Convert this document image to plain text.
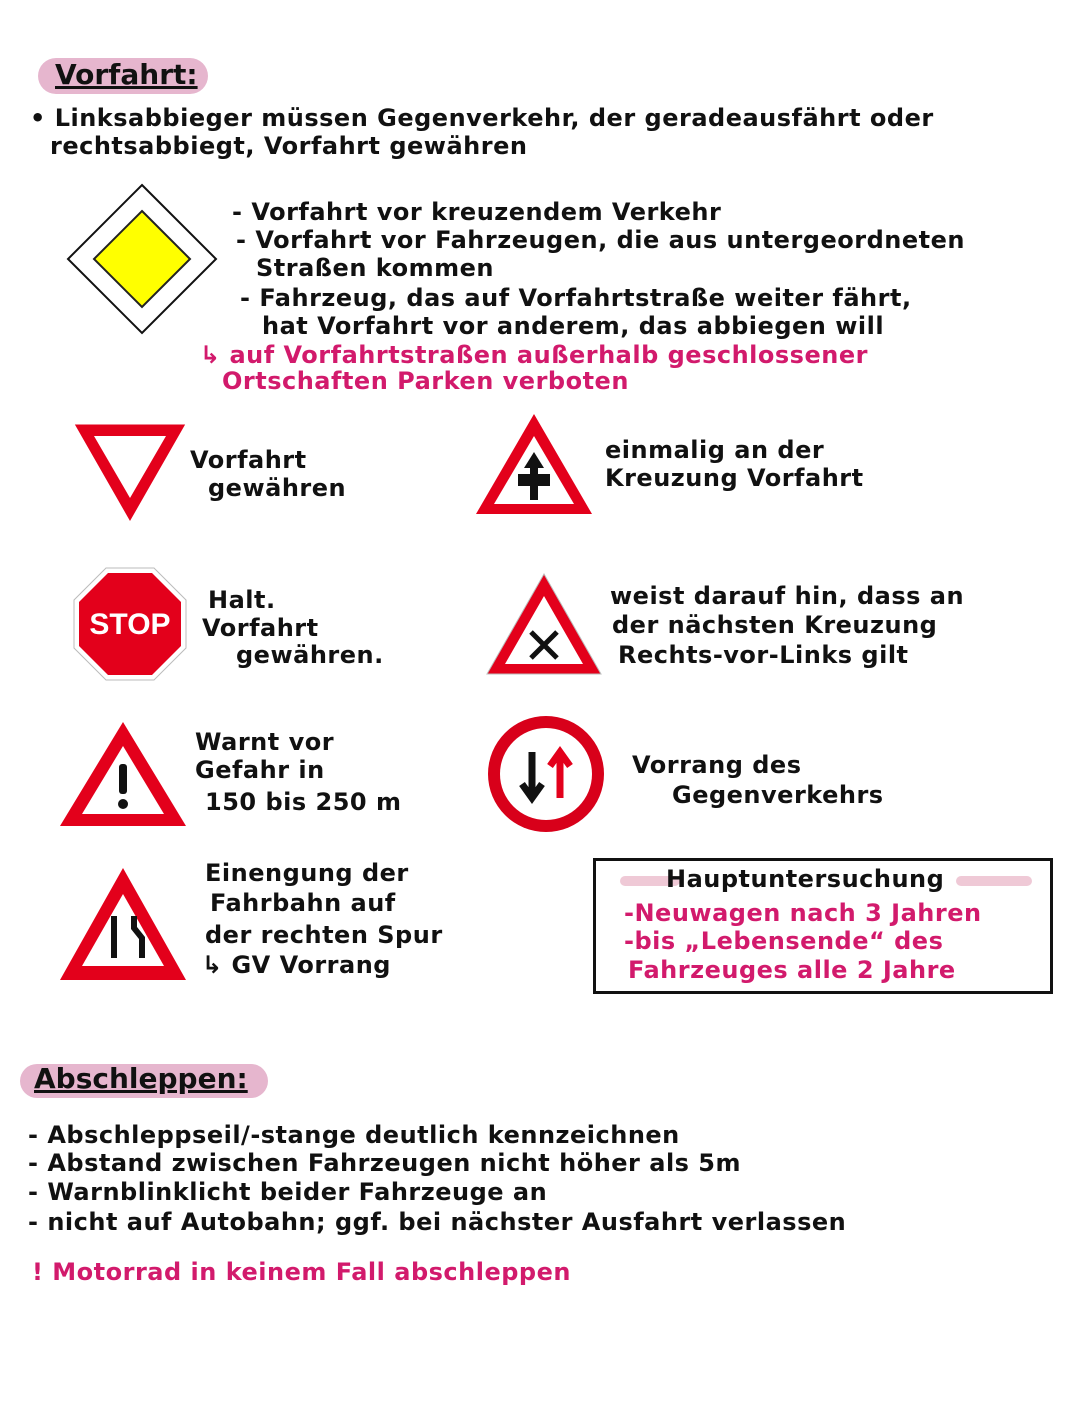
Vorfahrt:
• Linksabbieger müssen Gegenverkehr, der geradeausfährt oder
rechtsabbiegt, Vorfahrt gewähren
- Vorfahrt vor kreuzendem Verkehr
- Vorfahrt vor Fahrzeugen, die aus untergeordneten
Straßen kommen
- Fahrzeug, das auf Vorfahrtstraße weiter fährt,
hat Vorfahrt vor anderem, das abbiegen will
↳ auf Vorfahrtstraßen außerhalb geschlossener
Ortschaften Parken verboten
Vorfahrt
gewähren
einmalig an der
Kreuzung Vorfahrt
STOP
Halt.
Vorfahrt
gewähren.
weist darauf hin, dass an
der nächsten Kreuzung
Rechts-vor-Links gilt
Warnt vor
Gefahr in
150 bis 250 m
Vorrang des
Gegenverkehrs
Einengung der
Fahrbahn auf
der rechten Spur
↳ GV Vorrang
Hauptuntersuchung
-Neuwagen nach 3 Jahren
-bis „Lebensende“ des
Fahrzeuges alle 2 Jahre
Abschleppen:
- Abschleppseil/-stange deutlich kennzeichnen
- Abstand zwischen Fahrzeugen nicht höher als 5m
- Warnblinklicht beider Fahrzeuge an
- nicht auf Autobahn; ggf. bei nächster Ausfahrt verlassen
! Motorrad in keinem Fall abschleppen
